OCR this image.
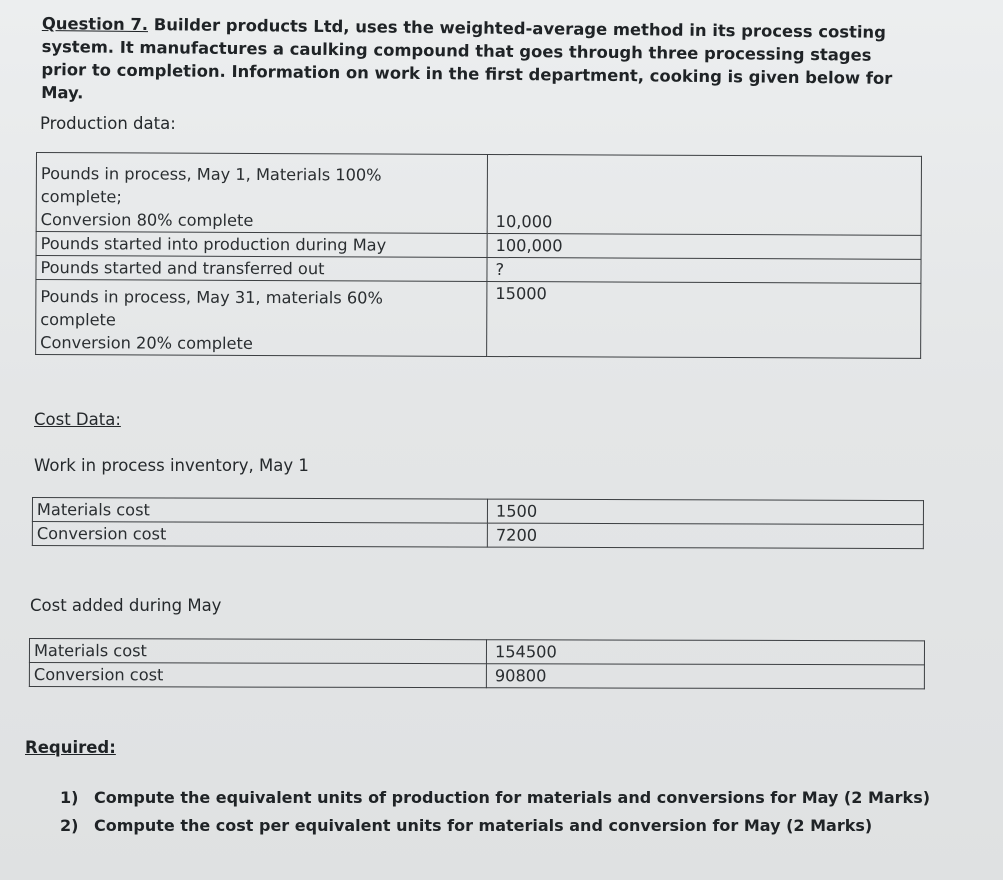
Question 7. Builder products Ltd, uses the weighted-average method in its process costing system. It manufactures a caulking compound that goes through three processing stages prior to completion. Information on work in the first department, cooking is given below for May.
Production data:
Pounds in process, May 1, Materials 100%
complete;
Conversion 80% complete	10,000

Pounds started into production during May	100,000

Pounds started and transferred out	?

Pounds in process, May 31, materials 60%
complete
Conversion 20% complete	15000
Cost Data:
Work in process inventory, May 1
Materials cost	1500
Conversion cost	7200
Cost added during May
Materials cost	154500
Conversion cost	90800
Required:
1) Compute the equivalent units of production for materials and conversions for May (2 Marks)
2) Compute the cost per equivalent units for materials and conversion for May (2 Marks)
